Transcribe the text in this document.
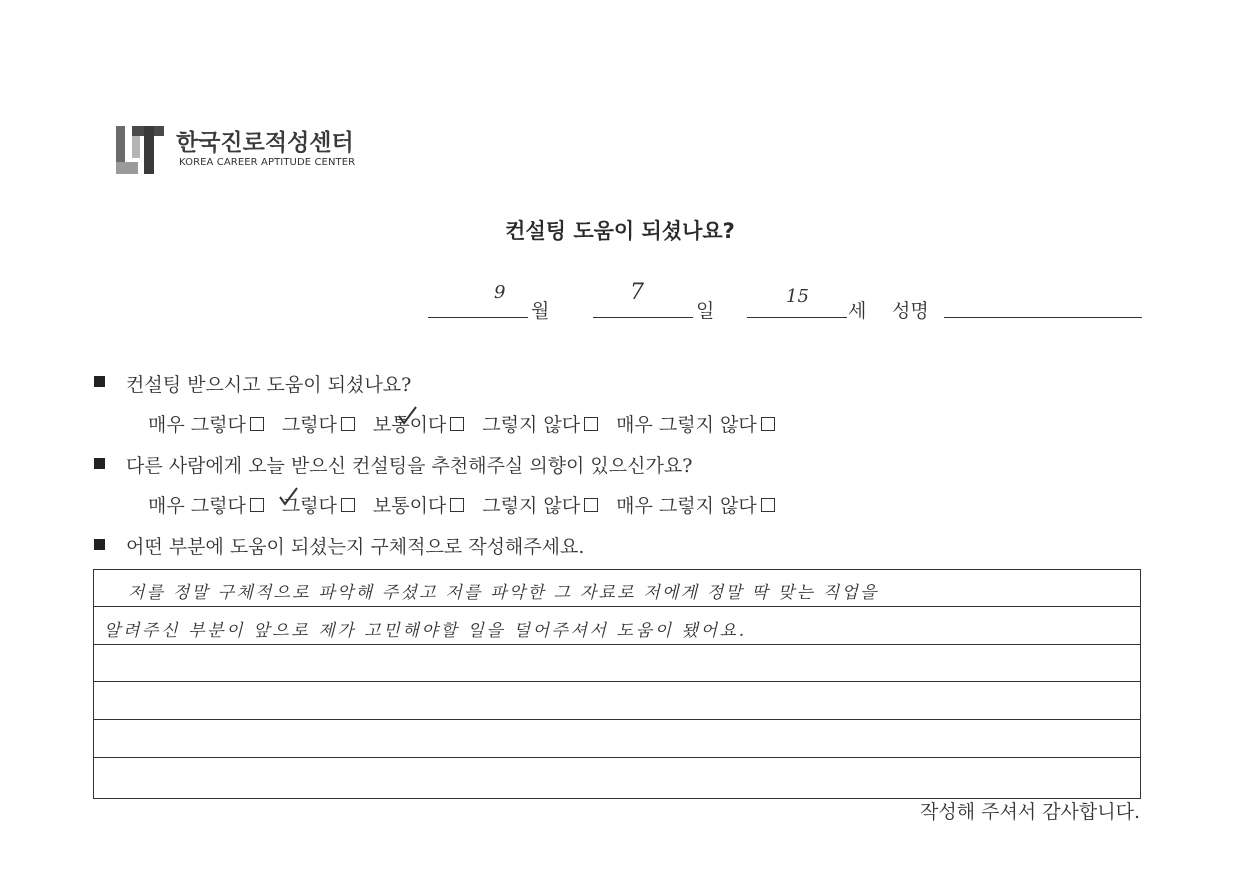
한국진로적성센터
KOREA CAREER APTITUDE CENTER
컨설팅 도움이 되셨나요?
9
월
7
일
15
세 성명
컨설팅 받으시고 도움이 되셨나요?
매우 그렇다 그렇다 보통이다 그렇지 않다 매우 그렇지 않다
다른 사람에게 오늘 받으신 컨설팅을 추천해주실 의향이 있으신가요?
매우 그렇다 그렇다 보통이다 그렇지 않다 매우 그렇지 않다
어떤 부분에 도움이 되셨는지 구체적으로 작성해주세요.
저를 정말 구체적으로 파악해 주셨고 저를 파악한 그 자료로 저에게 정말 딱 맞는 직업을
알려주신 부분이 앞으로 제가 고민해야할 일을 덜어주셔서 도움이 됐어요.
작성해 주셔서 감사합니다.
